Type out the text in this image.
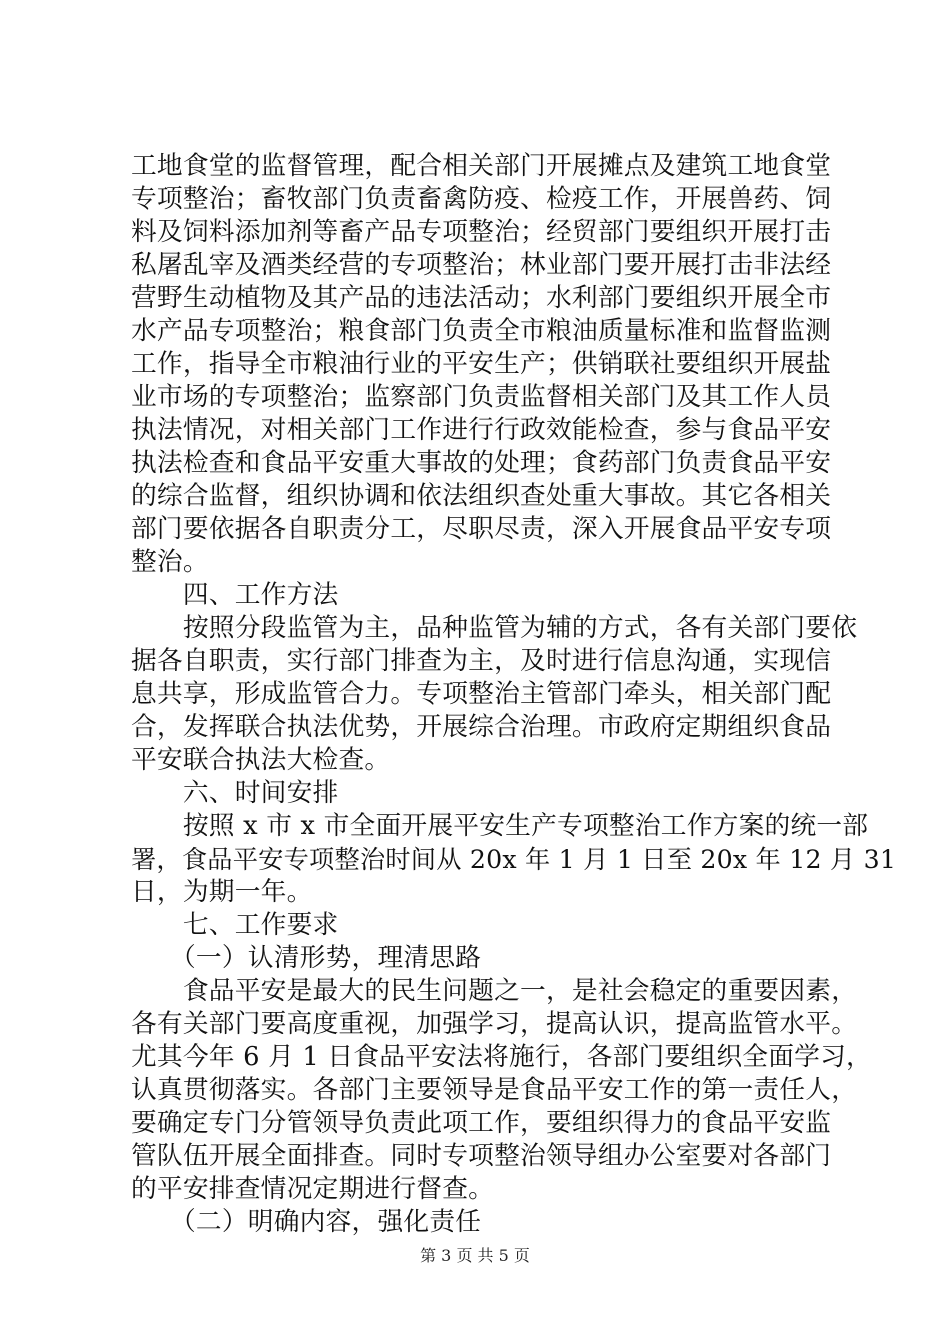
工地食堂的监督管理，配合相关部门开展摊点及建筑工地食堂
专项整治；畜牧部门负责畜禽防疫、检疫工作，开展兽药、饲
料及饲料添加剂等畜产品专项整治；经贸部门要组织开展打击
私屠乱宰及酒类经营的专项整治；林业部门要开展打击非法经
营野生动植物及其产品的违法活动；水利部门要组织开展全市
水产品专项整治；粮食部门负责全市粮油质量标准和监督监测
工作，指导全市粮油行业的平安生产；供销联社要组织开展盐
业市场的专项整治；监察部门负责监督相关部门及其工作人员
执法情况，对相关部门工作进行行政效能检查，参与食品平安
执法检查和食品平安重大事故的处理；食药部门负责食品平安
的综合监督，组织协调和依法组织查处重大事故。其它各相关
部门要依据各自职责分工，尽职尽责，深入开展食品平安专项
整治。
　　四、工作方法
　　按照分段监管为主，品种监管为辅的方式，各有关部门要依
据各自职责，实行部门排查为主，及时进行信息沟通，实现信
息共享，形成监管合力。专项整治主管部门牵头，相关部门配
合，发挥联合执法优势，开展综合治理。市政府定期组织食品
平安联合执法大检查。
　　六、时间安排
　　按照 x 市 x 市全面开展平安生产专项整治工作方案的统一部
署，食品平安专项整治时间从 20x 年 1 月 1 日至 20x 年 12 月 31
日，为期一年。
　　七、工作要求
　　（一）认清形势，理清思路
　　食品平安是最大的民生问题之一，是社会稳定的重要因素，
各有关部门要高度重视，加强学习，提高认识，提高监管水平。
尤其今年 6 月 1 日食品平安法将施行，各部门要组织全面学习，
认真贯彻落实。各部门主要领导是食品平安工作的第一责任人，
要确定专门分管领导负责此项工作，要组织得力的食品平安监
管队伍开展全面排查。同时专项整治领导组办公室要对各部门
的平安排查情况定期进行督查。
　　（二）明确内容，强化责任
第 3 页 共 5 页
